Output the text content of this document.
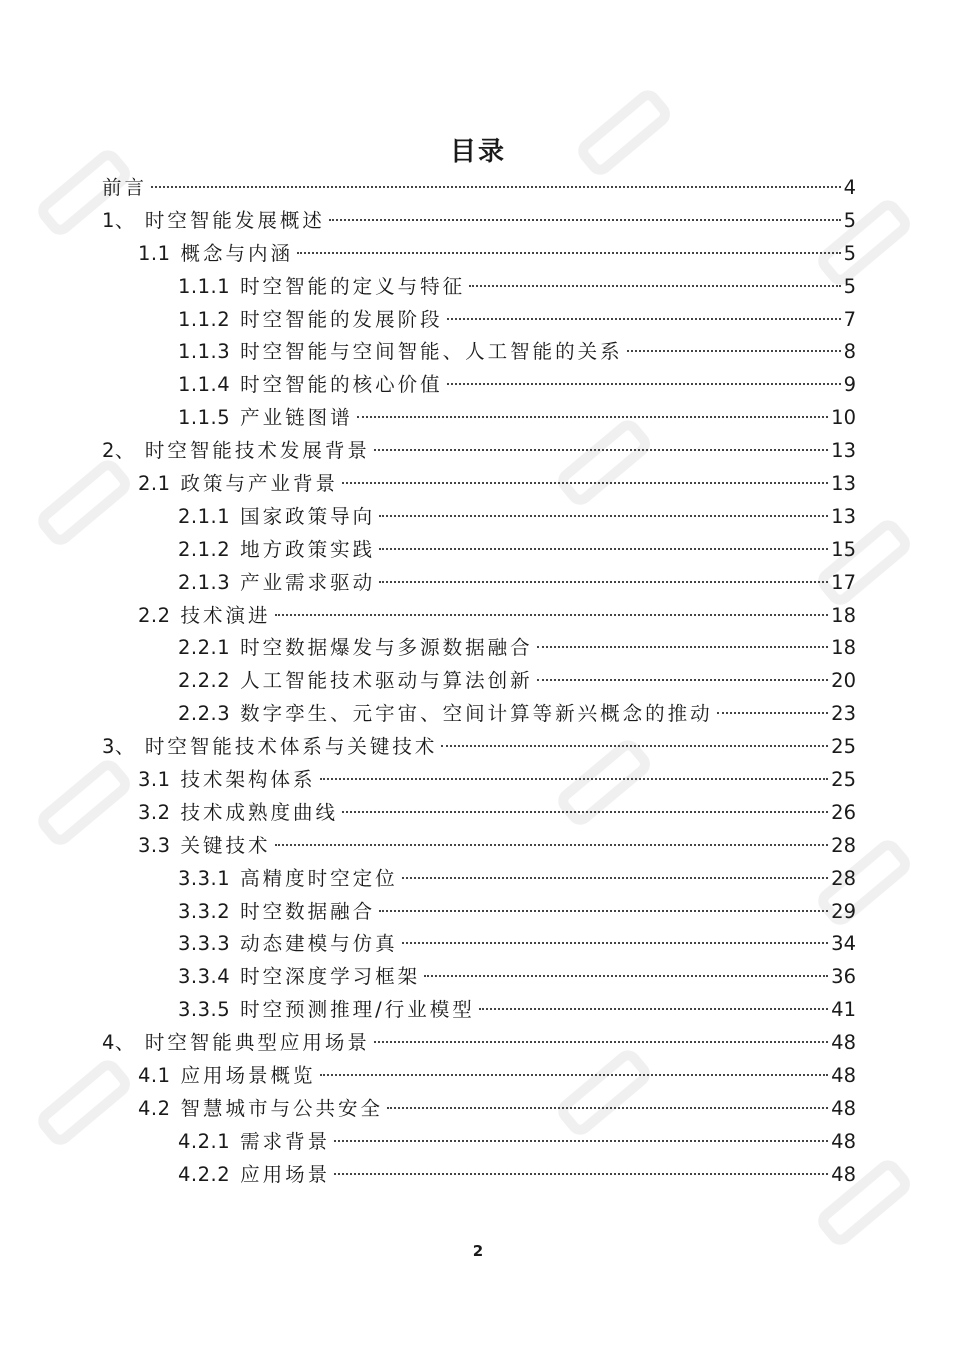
目录
前言	4
1、 时空智能发展概述	5
1.1 概念与内涵	5
1.1.1 时空智能的定义与特征	5
1.1.2 时空智能的发展阶段	7
1.1.3 时空智能与空间智能、人工智能的关系	8
1.1.4 时空智能的核心价值	9
1.1.5 产业链图谱	10
2、 时空智能技术发展背景	13
2.1 政策与产业背景	13
2.1.1 国家政策导向	13
2.1.2 地方政策实践	15
2.1.3 产业需求驱动	17
2.2 技术演进	18
2.2.1 时空数据爆发与多源数据融合	18
2.2.2 人工智能技术驱动与算法创新	20
2.2.3 数字孪生、元宇宙、空间计算等新兴概念的推动	23
3、 时空智能技术体系与关键技术	25
3.1 技术架构体系	25
3.2 技术成熟度曲线	26
3.3 关键技术	28
3.3.1 高精度时空定位	28
3.3.2 时空数据融合	29
3.3.3 动态建模与仿真	34
3.3.4 时空深度学习框架	36
3.3.5 时空预测推理/行业模型	41
4、 时空智能典型应用场景	48
4.1 应用场景概览	48
4.2 智慧城市与公共安全	48
4.2.1 需求背景	48
4.2.2 应用场景	48
2
